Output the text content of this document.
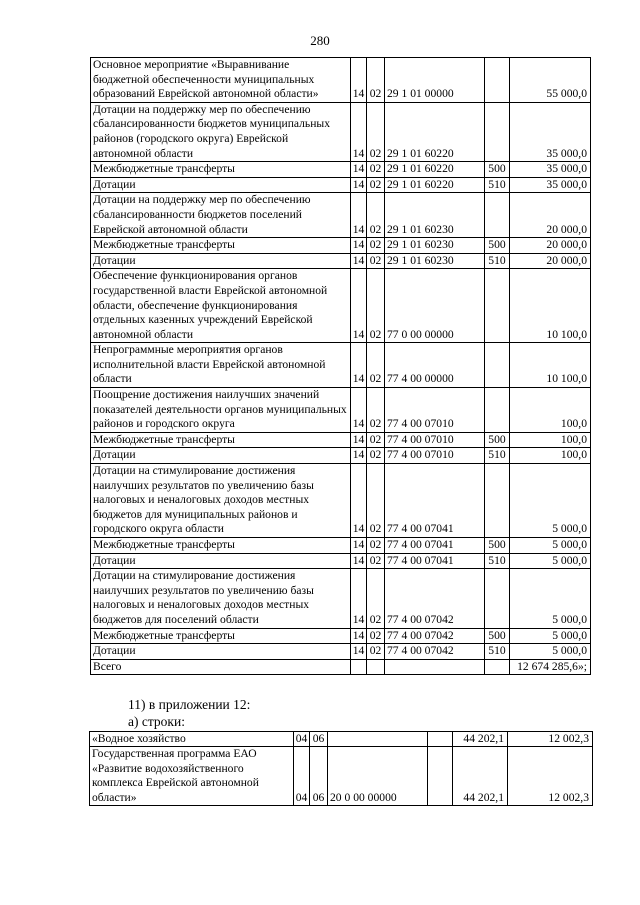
280
Основное мероприятие «Выравнивание бюджетной обеспеченности муниципальных образований Еврейской автономной области»	14	02	29 1 01 00000		55 000,0
Дотации на поддержку мер по обеспечению сбалансированности бюджетов муниципальных районов (городского округа) Еврейской автономной области	14	02	29 1 01 60220		35 000,0
Межбюджетные трансферты	14	02	29 1 01 60220	500	35 000,0
Дотации	14	02	29 1 01 60220	510	35 000,0
Дотации на поддержку мер по обеспечению сбалансированности бюджетов поселений Еврейской автономной области	14	02	29 1 01 60230		20 000,0
Межбюджетные трансферты	14	02	29 1 01 60230	500	20 000,0
Дотации	14	02	29 1 01 60230	510	20 000,0
Обеспечение функционирования органов государственной власти Еврейской автономной области, обеспечение функционирования отдельных казенных учреждений Еврейской автономной области	14	02	77 0 00 00000		10 100,0
Непрограммные мероприятия органов исполнительной власти Еврейской автономной области	14	02	77 4 00 00000		10 100,0
Поощрение достижения наилучших значений показателей деятельности органов муниципальных районов и городского округа	14	02	77 4 00 07010		100,0
Межбюджетные трансферты	14	02	77 4 00 07010	500	100,0
Дотации	14	02	77 4 00 07010	510	100,0
Дотации на стимулирование достижения наилучших результатов по увеличению базы налоговых и неналоговых доходов местных бюджетов для муниципальных районов и городского округа области	14	02	77 4 00 07041		5 000,0
Межбюджетные трансферты	14	02	77 4 00 07041	500	5 000,0
Дотации	14	02	77 4 00 07041	510	5 000,0
Дотации на стимулирование достижения наилучших результатов по увеличению базы налоговых и неналоговых доходов местных бюджетов для поселений области	14	02	77 4 00 07042		5 000,0
Межбюджетные трансферты	14	02	77 4 00 07042	500	5 000,0
Дотации	14	02	77 4 00 07042	510	5 000,0
Всего					12 674 285,6»;
11) в приложении 12:
а) строки:
«Водное хозяйство	04	06			44 202,1	12 002,3
Государственная программа ЕАО «Развитие водохозяйственного комплекса Еврейской автономной области»	04	06	20 0 00 00000		44 202,1	12 002,3
